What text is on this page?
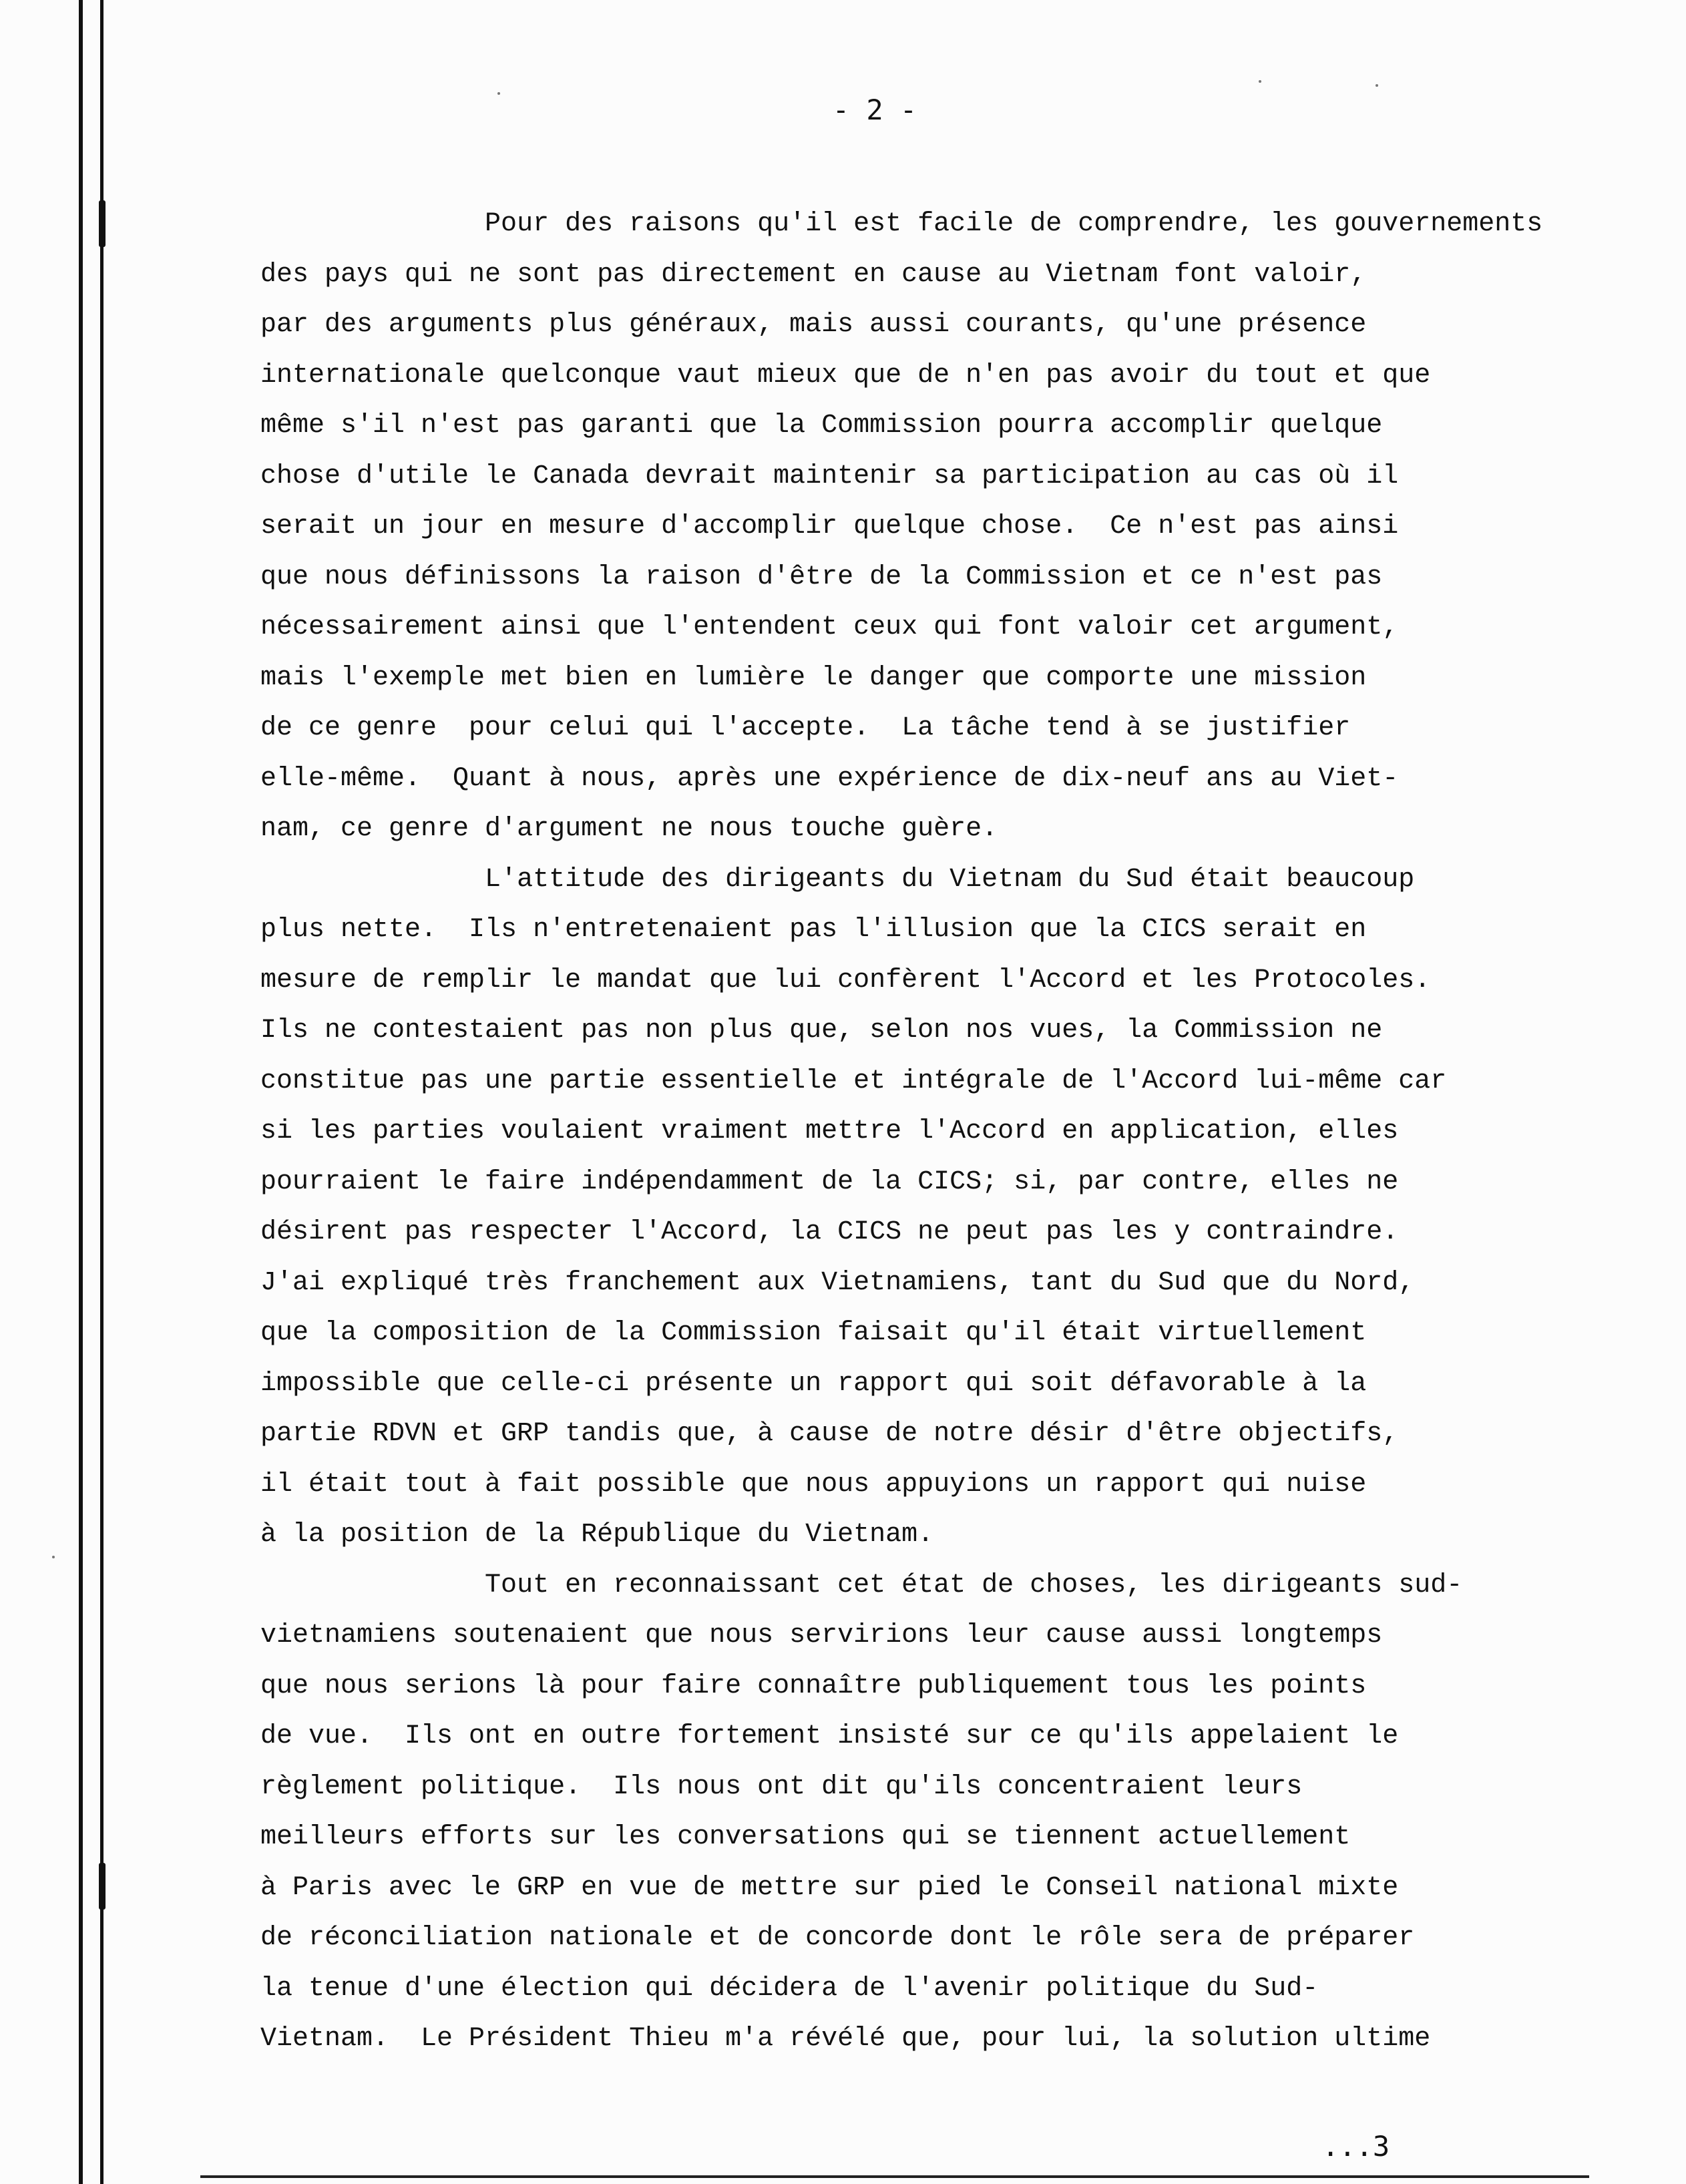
- 2 -
Pour des raisons qu'il est facile de comprendre, les gouvernements
des pays qui ne sont pas directement en cause au Vietnam font valoir,
par des arguments plus généraux, mais aussi courants, qu'une présence
internationale quelconque vaut mieux que de n'en pas avoir du tout et que
même s'il n'est pas garanti que la Commission pourra accomplir quelque
chose d'utile le Canada devrait maintenir sa participation au cas où il
serait un jour en mesure d'accomplir quelque chose.  Ce n'est pas ainsi
que nous définissons la raison d'être de la Commission et ce n'est pas
nécessairement ainsi que l'entendent ceux qui font valoir cet argument,
mais l'exemple met bien en lumière le danger que comporte une mission
de ce genre  pour celui qui l'accepte.  La tâche tend à se justifier
elle-même.  Quant à nous, après une expérience de dix-neuf ans au Viet-
nam, ce genre d'argument ne nous touche guère.
L'attitude des dirigeants du Vietnam du Sud était beaucoup
plus nette.  Ils n'entretenaient pas l'illusion que la CICS serait en
mesure de remplir le mandat que lui confèrent l'Accord et les Protocoles.
Ils ne contestaient pas non plus que, selon nos vues, la Commission ne
constitue pas une partie essentielle et intégrale de l'Accord lui-même car
si les parties voulaient vraiment mettre l'Accord en application, elles
pourraient le faire indépendamment de la CICS; si, par contre, elles ne
désirent pas respecter l'Accord, la CICS ne peut pas les y contraindre.
J'ai expliqué très franchement aux Vietnamiens, tant du Sud que du Nord,
que la composition de la Commission faisait qu'il était virtuellement
impossible que celle-ci présente un rapport qui soit défavorable à la
partie RDVN et GRP tandis que, à cause de notre désir d'être objectifs,
il était tout à fait possible que nous appuyions un rapport qui nuise
à la position de la République du Vietnam.
Tout en reconnaissant cet état de choses, les dirigeants sud-
vietnamiens soutenaient que nous servirions leur cause aussi longtemps
que nous serions là pour faire connaître publiquement tous les points
de vue.  Ils ont en outre fortement insisté sur ce qu'ils appelaient le
règlement politique.  Ils nous ont dit qu'ils concentraient leurs
meilleurs efforts sur les conversations qui se tiennent actuellement
à Paris avec le GRP en vue de mettre sur pied le Conseil national mixte
de réconciliation nationale et de concorde dont le rôle sera de préparer
la tenue d'une élection qui décidera de l'avenir politique du Sud-
Vietnam.  Le Président Thieu m'a révélé que, pour lui, la solution ultime
...3
